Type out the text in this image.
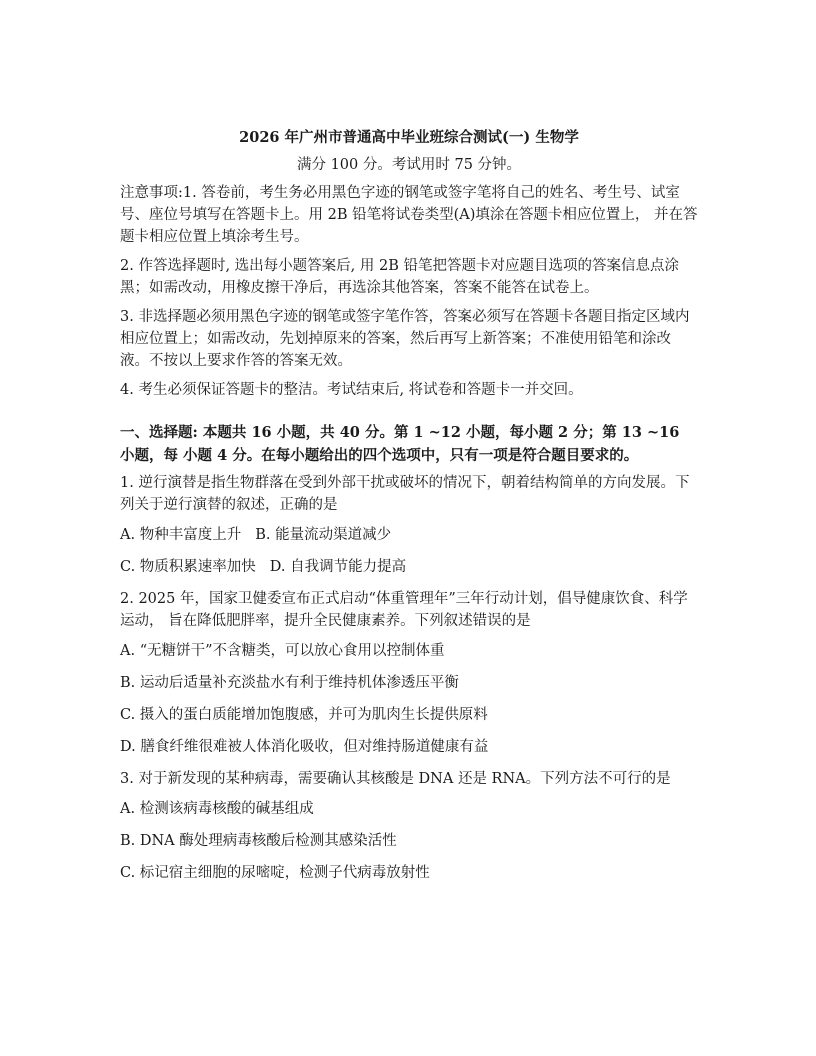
2026 年广州市普通高中毕业班综合测试(一) 生物学
满分 100 分。考试用时 75 分钟。
注意事项:1. 答卷前，考生务必用黑色字迹的钢笔或签字笔将自己的姓名、考生号、试室号、座位号填写在答题卡上。用 2B 铅笔将试卷类型(A)填涂在答题卡相应位置上， 并在答题卡相应位置上填涂考生号。
2. 作答选择题时, 选出每小题答案后, 用 2B 铅笔把答题卡对应题目选项的答案信息点涂黑；如需改动，用橡皮擦干净后，再选涂其他答案，答案不能答在试卷上。
3. 非选择题必须用黑色字迹的钢笔或签字笔作答，答案必须写在答题卡各题目指定区域内相应位置上；如需改动，先划掉原来的答案，然后再写上新答案；不准使用铅笔和涂改液。不按以上要求作答的答案无效。
4. 考生必须保证答题卡的整洁。考试结束后, 将试卷和答题卡一并交回。
一、选择题: 本题共 16 小题，共 40 分。第 1 ~12 小题，每小题 2 分；第 13 ~16 小题，每 小题 4 分。在每小题给出的四个选项中，只有一项是符合题目要求的。
1. 逆行演替是指生物群落在受到外部干扰或破坏的情况下，朝着结构简单的方向发展。下列关于逆行演替的叙述，正确的是
A. 物种丰富度上升 B. 能量流动渠道减少
C. 物质积累速率加快 D. 自我调节能力提高
2. 2025 年，国家卫健委宣布正式启动“体重管理年”三年行动计划，倡导健康饮食、科学运动， 旨在降低肥胖率，提升全民健康素养。下列叙述错误的是
A. “无糖饼干”不含糖类，可以放心食用以控制体重
B. 运动后适量补充淡盐水有利于维持机体渗透压平衡
C. 摄入的蛋白质能增加饱腹感，并可为肌肉生长提供原料
D. 膳食纤维很难被人体消化吸收，但对维持肠道健康有益
3. 对于新发现的某种病毒，需要确认其核酸是 DNA 还是 RNA。下列方法不可行的是
A. 检测该病毒核酸的碱基组成
B. DNA 酶处理病毒核酸后检测其感染活性
C. 标记宿主细胞的尿嘧啶，检测子代病毒放射性
